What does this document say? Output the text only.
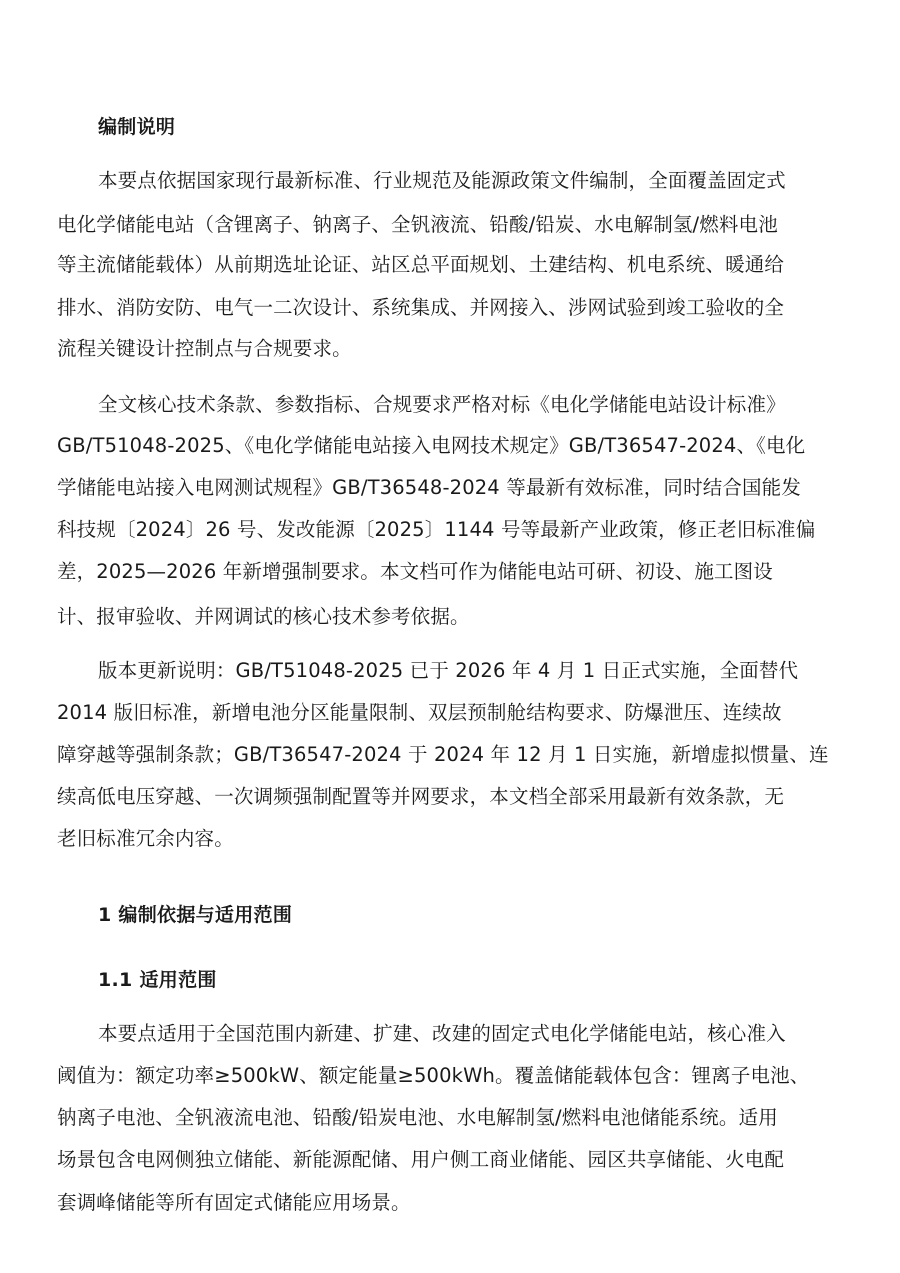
编制说明
本要点依据国家现行最新标准、行业规范及能源政策文件编制，全面覆盖固定式
电化学储能电站（含锂离子、钠离子、全钒液流、铅酸/铅炭、水电解制氢/燃料电池
等主流储能载体）从前期选址论证、站区总平面规划、土建结构、机电系统、暖通给
排水、消防安防、电气一二次设计、系统集成、并网接入、涉网试验到竣工验收的全
流程关键设计控制点与合规要求。
全文核心技术条款、参数指标、合规要求严格对标《电化学储能电站设计标准》
GB/T51048-2025、《电化学储能电站接入电网技术规定》GB/T36547-2024、《电化
学储能电站接入电网测试规程》GB/T36548-2024 等最新有效标准，同时结合国能发
科技规〔2024〕26 号、发改能源〔2025〕1144 号等最新产业政策，修正老旧标准偏
差，2025—2026 年新增强制要求。本文档可作为储能电站可研、初设、施工图设
计、报审验收、并网调试的核心技术参考依据。
版本更新说明：GB/T51048-2025 已于 2026 年 4 月 1 日正式实施，全面替代
2014 版旧标准，新增电池分区能量限制、双层预制舱结构要求、防爆泄压、连续故
障穿越等强制条款；GB/T36547-2024 于 2024 年 12 月 1 日实施，新增虚拟惯量、连
续高低电压穿越、一次调频强制配置等并网要求，本文档全部采用最新有效条款，无
老旧标准冗余内容。
1 编制依据与适用范围
1.1 适用范围
本要点适用于全国范围内新建、扩建、改建的固定式电化学储能电站，核心准入
阈值为：额定功率≥500kW、额定能量≥500kWh。覆盖储能载体包含：锂离子电池、
钠离子电池、全钒液流电池、铅酸/铅炭电池、水电解制氢/燃料电池储能系统。适用
场景包含电网侧独立储能、新能源配储、用户侧工商业储能、园区共享储能、火电配
套调峰储能等所有固定式储能应用场景。
